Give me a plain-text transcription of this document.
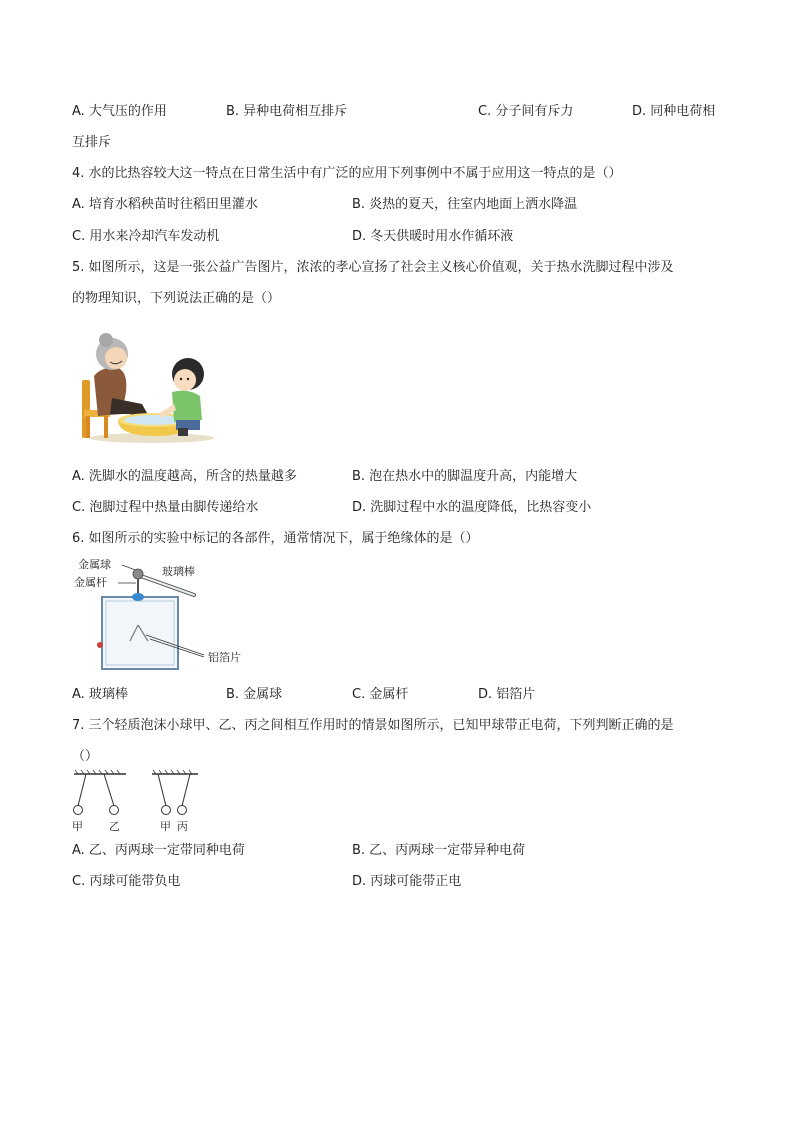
A. 大气压的作用	B. 异种电荷相互排斥	C. 分子间有斥力	D. 同种电荷相
互排斥
4. 水的比热容较大这一特点在日常生活中有广泛的应用下列事例中不属于应用这一特点的是（）
A. 培育水稻秧苗时往稻田里灌水	B. 炎热的夏天，往室内地面上洒水降温
C. 用水来冷却汽车发动机	D. 冬天供暖时用水作循环液
5. 如图所示，这是一张公益广告图片，浓浓的孝心宣扬了社会主义核心价值观，关于热水洗脚过程中涉及
的物理知识，下列说法正确的是（）
A. 洗脚水的温度越高，所含的热量越多	B. 泡在热水中的脚温度升高，内能增大
C. 泡脚过程中热量由脚传递给水	D. 洗脚过程中水的温度降低，比热容变小
6. 如图所示的实验中标记的各部件，通常情况下，属于绝缘体的是（）
金属球
金属杆
玻璃棒
铝箔片
A. 玻璃棒	B. 金属球	C. 金属杆	D. 铝箔片
7. 三个轻质泡沫小球甲、乙、丙之间相互作用时的情景如图所示，已知甲球带正电荷，下列判断正确的是
（）
甲 乙	甲 丙
A. 乙、丙两球一定带同种电荷	B. 乙、丙两球一定带异种电荷
C. 丙球可能带负电	D. 丙球可能带正电
